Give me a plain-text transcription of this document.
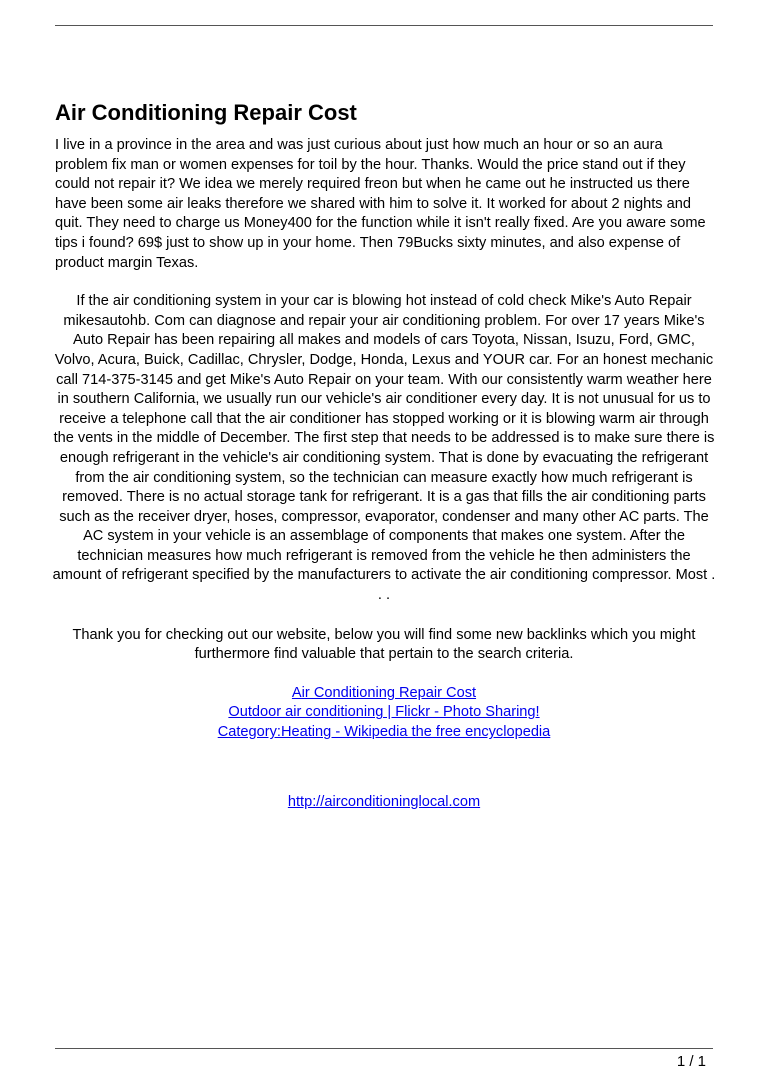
Air Conditioning Repair Cost

I live in a province in the area and was just curious about just how much an hour or so an aura problem fix man or women expenses for toil by the hour. Thanks. Would the price stand out if they could not repair it? We idea we merely required freon but when he came out he instructed us there have been some air leaks therefore we shared with him to solve it. It worked for about 2 nights and quit. They need to charge us Money400 for the function while it isn't really fixed. Are you aware some tips i found? 69$ just to show up in your home. Then 79Bucks sixty minutes, and also expense of product margin Texas.

If the air conditioning system in your car is blowing hot instead of cold check Mike's Auto Repair mikesautohb. Com can diagnose and repair your air conditioning problem. For over 17 years Mike's Auto Repair has been repairing all makes and models of cars Toyota, Nissan, Isuzu, Ford, GMC, Volvo, Acura, Buick, Cadillac, Chrysler, Dodge, Honda, Lexus and YOUR car. For an honest mechanic call 714-375-3145 and get Mike's Auto Repair on your team. With our consistently warm weather here in southern California, we usually run our vehicle's air conditioner every day. It is not unusual for us to receive a telephone call that the air conditioner has stopped working or it is blowing warm air through the vents in the middle of December. The first step that needs to be addressed is to make sure there is enough refrigerant in the vehicle's air conditioning system. That is done by evacuating the refrigerant from the air conditioning system, so the technician can measure exactly how much refrigerant is removed. There is no actual storage tank for refrigerant. It is a gas that fills the air conditioning parts such as the receiver dryer, hoses, compressor, evaporator, condenser and many other AC parts. The AC system in your vehicle is an assemblage of components that makes one system. After the technician measures how much refrigerant is removed from the vehicle he then administers the amount of refrigerant specified by the manufacturers to activate the air conditioning compressor. Most . . .

Thank you for checking out our website, below you will find some new backlinks which you might furthermore find valuable that pertain to the search criteria.

Air Conditioning Repair Cost
Outdoor air conditioning | Flickr - Photo Sharing!
Category:Heating - Wikipedia the free encyclopedia
http://airconditioninglocal.com
1 / 1
